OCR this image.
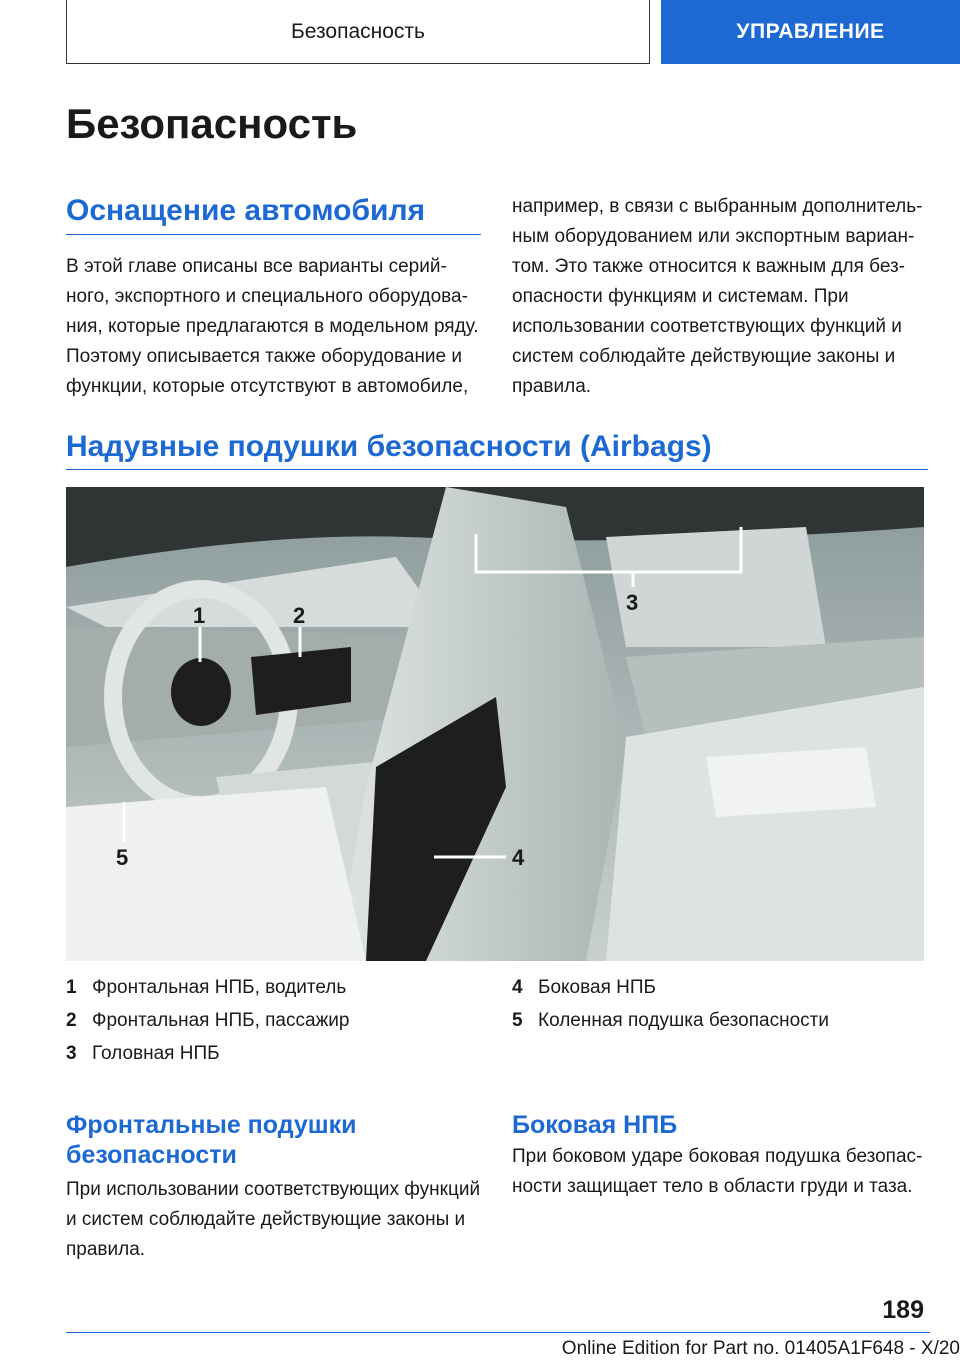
Безопасность	УПРАВЛЕНИЕ
Безопасность
Оснащение автомобиля

В этой главе описаны все варианты серий-
ного, экспортного и специального оборудова-
ния, которые предлагаются в модельном ряду.
Поэтому описывается также оборудование и
функции, которые отсутствуют в автомобиле,

например, в связи с выбранным дополнитель-
ным оборудованием или экспортным вариан-
том. Это также относится к важным для без-
опасности функциям и системам. При
использовании соответствующих функций и
систем соблюдайте действующие законы и
правила.

Надувные подушки безопасности (Airbags)
1	2
3
4
5
1 Фронтальная НПБ, водитель
2 Фронтальная НПБ, пассажир
3 Головная НПБ
4 Боковая НПБ
5 Коленная подушка безопасности
Фронтальные подушки
безопасности

При использовании соответствующих функций
и систем соблюдайте действующие законы и
правила.

Боковая НПБ

При боковом ударе боковая подушка безопас-
ности защищает тело в области груди и таза.

189
Online Edition for Part no. 01405A1F648 - X/20
